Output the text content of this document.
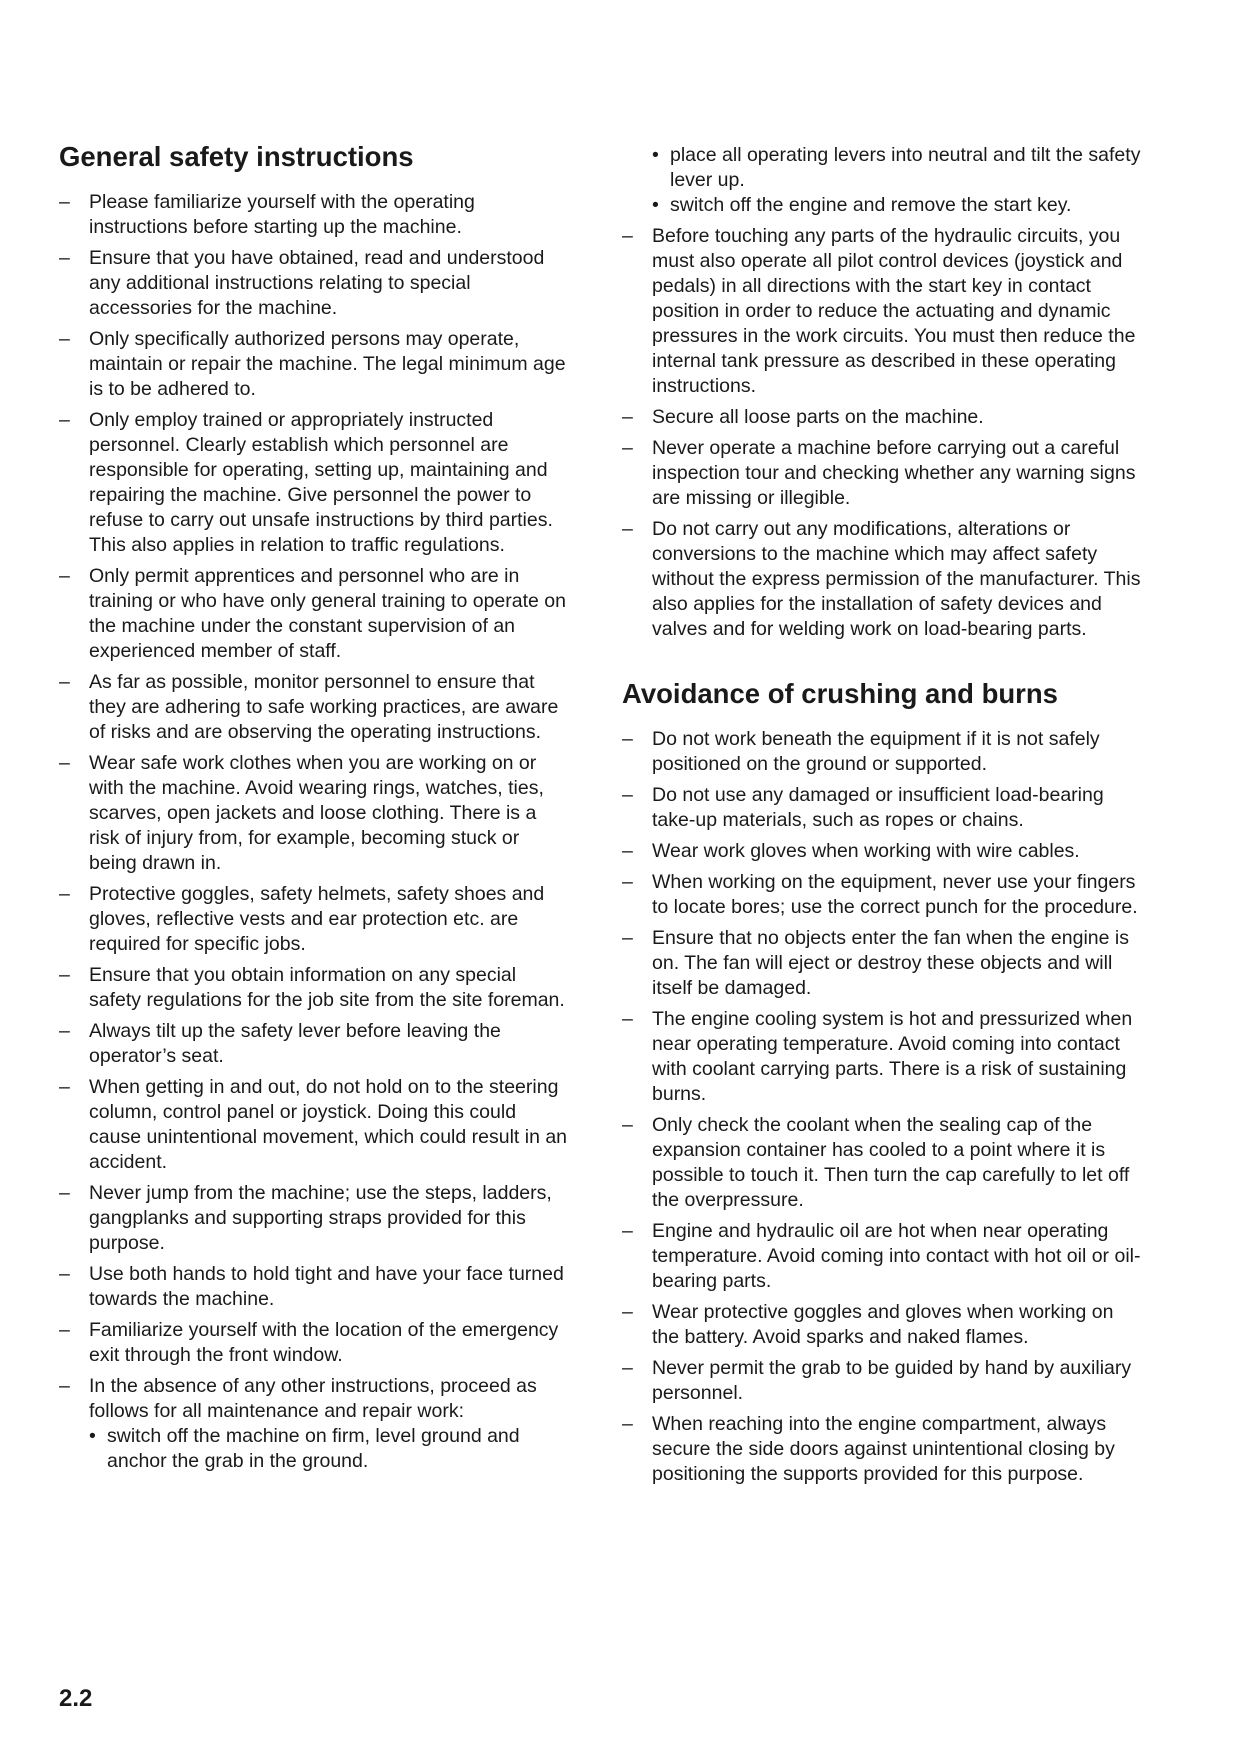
General safety instructions
– Please familiarize yourself with the operating instructions before starting up the machine.
– Ensure that you have obtained, read and understood any additional instructions relating to special accessories for the machine.
– Only specifically authorized persons may operate, maintain or repair the machine. The legal minimum age is to be adhered to.
– Only employ trained or appropriately instructed personnel. Clearly establish which personnel are responsible for operating, setting up, maintaining and repairing the machine. Give personnel the power to refuse to carry out unsafe instructions by third parties. This also applies in relation to traffic regulations.
– Only permit apprentices and personnel who are in training or who have only general training to operate on the machine under the constant supervision of an experienced member of staff.
– As far as possible, monitor personnel to ensure that they are adhering to safe working practices, are aware of risks and are observing the operating instructions.
– Wear safe work clothes when you are working on or with the machine. Avoid wearing rings, watches, ties, scarves, open jackets and loose clothing. There is a risk of injury from, for example, becoming stuck or being drawn in.
– Protective goggles, safety helmets, safety shoes and gloves, reflective vests and ear protection etc. are required for specific jobs.
– Ensure that you obtain information on any special safety regulations for the job site from the site foreman.
– Always tilt up the safety lever before leaving the operator’s seat.
– When getting in and out, do not hold on to the steering column, control panel or joystick. Doing this could cause unintentional movement, which could result in an accident.
– Never jump from the machine; use the steps, ladders, gangplanks and supporting straps provided for this purpose.
– Use both hands to hold tight and have your face turned towards the machine.
– Familiarize yourself with the location of the emergency exit through the front window.
– In the absence of any other instructions, proceed as follows for all maintenance and repair work:
• switch off the machine on firm, level ground and anchor the grab in the ground.
• place all operating levers into neutral and tilt the safety lever up.
• switch off the engine and remove the start key.
– Before touching any parts of the hydraulic circuits, you must also operate all pilot control devices (joystick and pedals) in all directions with the start key in contact position in order to reduce the actuating and dynamic pressures in the work circuits. You must then reduce the internal tank pressure as described in these operating instructions.
– Secure all loose parts on the machine.
– Never operate a machine before carrying out a careful inspection tour and checking whether any warning signs are missing or illegible.
– Do not carry out any modifications, alterations or conversions to the machine which may affect safety without the express permission of the manufacturer. This also applies for the installation of safety devices and valves and for welding work on load-bearing parts.
Avoidance of crushing and burns
– Do not work beneath the equipment if it is not safely positioned on the ground or supported.
– Do not use any damaged or insufficient load-bearing take-up materials, such as ropes or chains.
– Wear work gloves when working with wire cables.
– When working on the equipment, never use your fingers to locate bores; use the correct punch for the procedure.
– Ensure that no objects enter the fan when the engine is on. The fan will eject or destroy these objects and will itself be damaged.
– The engine cooling system is hot and pressurized when near operating temperature. Avoid coming into contact with coolant carrying parts. There is a risk of sustaining burns.
– Only check the coolant when the sealing cap of the expansion container has cooled to a point where it is possible to touch it. Then turn the cap carefully to let off the overpressure.
– Engine and hydraulic oil are hot when near operating temperature. Avoid coming into contact with hot oil or oil-bearing parts.
– Wear protective goggles and gloves when working on the battery. Avoid sparks and naked flames.
– Never permit the grab to be guided by hand by auxiliary personnel.
– When reaching into the engine compartment, always secure the side doors against unintentional closing by positioning the supports provided for this purpose.
2.2
